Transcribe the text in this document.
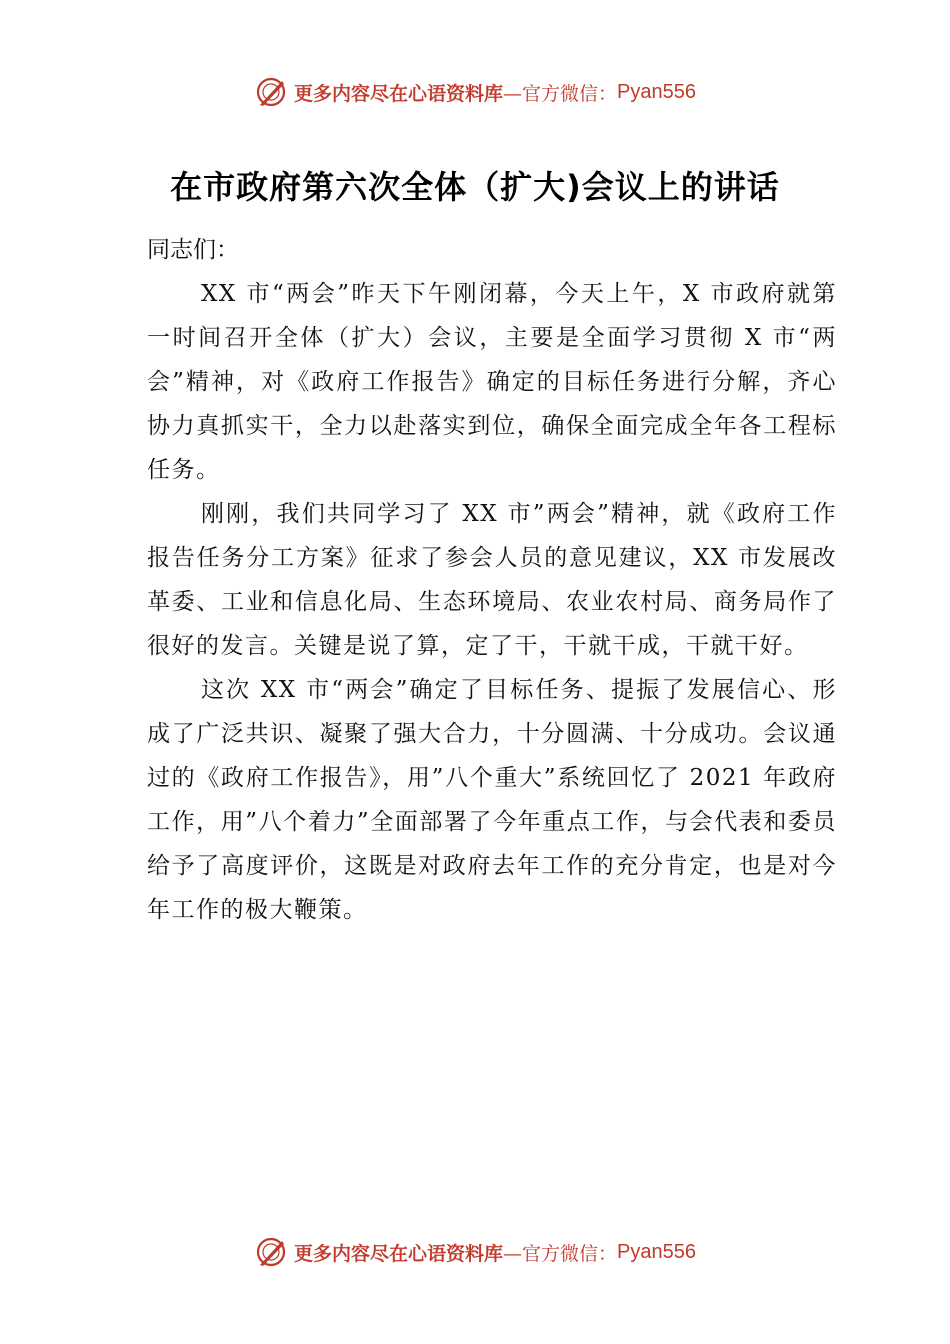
更多内容尽在心语资料库 —官方微信： Pyan556
在市政府第六次全体（扩大)会议上的讲话

同志们：

XX 市“两会”昨天下午刚闭幕，今天上午，X 市政府就第一时间召开全体（扩大）会议，主要是全面学习贯彻 X 市“两会”精神，对《政府工作报告》确定的目标任务进行分解，齐心协力真抓实干，全力以赴落实到位，确保全面完成全年各工程标任务。

刚刚，我们共同学习了 XX 市”两会”精神，就《政府工作报告任务分工方案》征求了参会人员的意见建议，XX 市发展改革委、工业和信息化局、生态环境局、农业农村局、商务局作了很好的发言。关键是说了算，定了干，干就干成，干就干好。

这次 XX 市“两会”确定了目标任务、提振了发展信心、形成了广泛共识、凝聚了强大合力，十分圆满、十分成功。会议通过的《政府工作报告》，用”八个重大”系统回忆了 2021 年政府工作，用”八个着力”全面部署了今年重点工作，与会代表和委员给予了高度评价，这既是对政府去年工作的充分肯定，也是对今年工作的极大鞭策。

更多内容尽在心语资料库 —官方微信： Pyan556
